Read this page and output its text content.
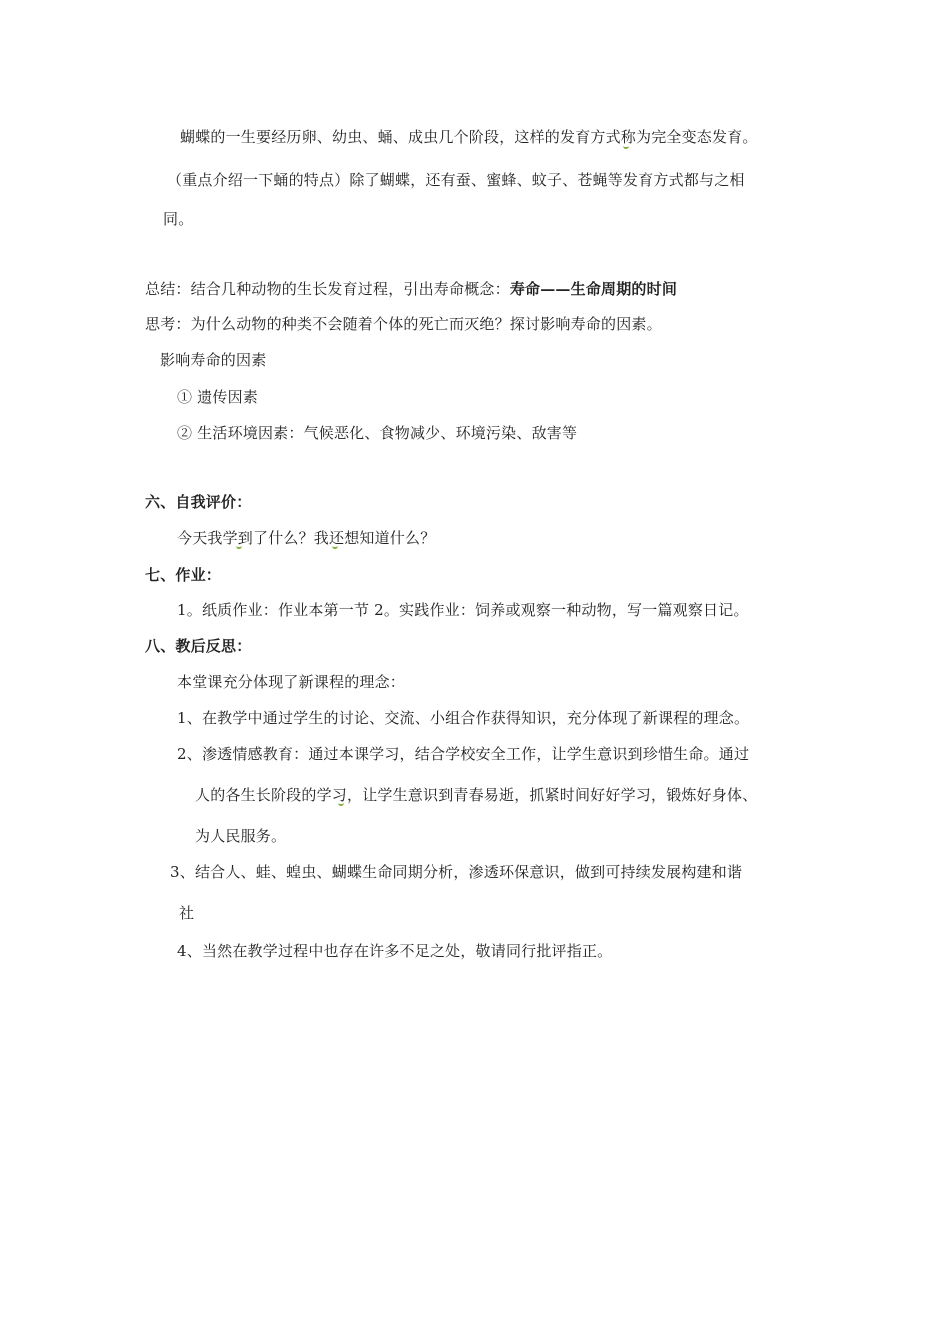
蝴蝶的一生要经历卵、幼虫、蛹、成虫几个阶段，这样的发育方式称为完全变态发育。
（重点介绍一下蛹的特点）除了蝴蝶，还有蚕、蜜蜂、蚊子、苍蝇等发育方式都与之相
同。
总结：结合几种动物的生长发育过程，引出寿命概念：寿命——生命周期的时间
思考：为什么动物的种类不会随着个体的死亡而灭绝？探讨影响寿命的因素。
影响寿命的因素
① 遗传因素
② 生活环境因素：气候恶化、食物减少、环境污染、敌害等
六、自我评价：
今天我学到了什么？我还想知道什么？
七、作业：
1。纸质作业：作业本第一节 2。实践作业：饲养或观察一种动物，写一篇观察日记。
八、教后反思：
本堂课充分体现了新课程的理念：
1、在教学中通过学生的讨论、交流、小组合作获得知识，充分体现了新课程的理念。
2、渗透情感教育：通过本课学习，结合学校安全工作，让学生意识到珍惜生命。通过
人的各生长阶段的学习，让学生意识到青春易逝，抓紧时间好好学习，锻炼好身体、
为人民服务。
3、结合人、蛙、蝗虫、蝴蝶生命同期分析，渗透环保意识，做到可持续发展构建和谐
社
4、当然在教学过程中也存在许多不足之处，敬请同行批评指正。
